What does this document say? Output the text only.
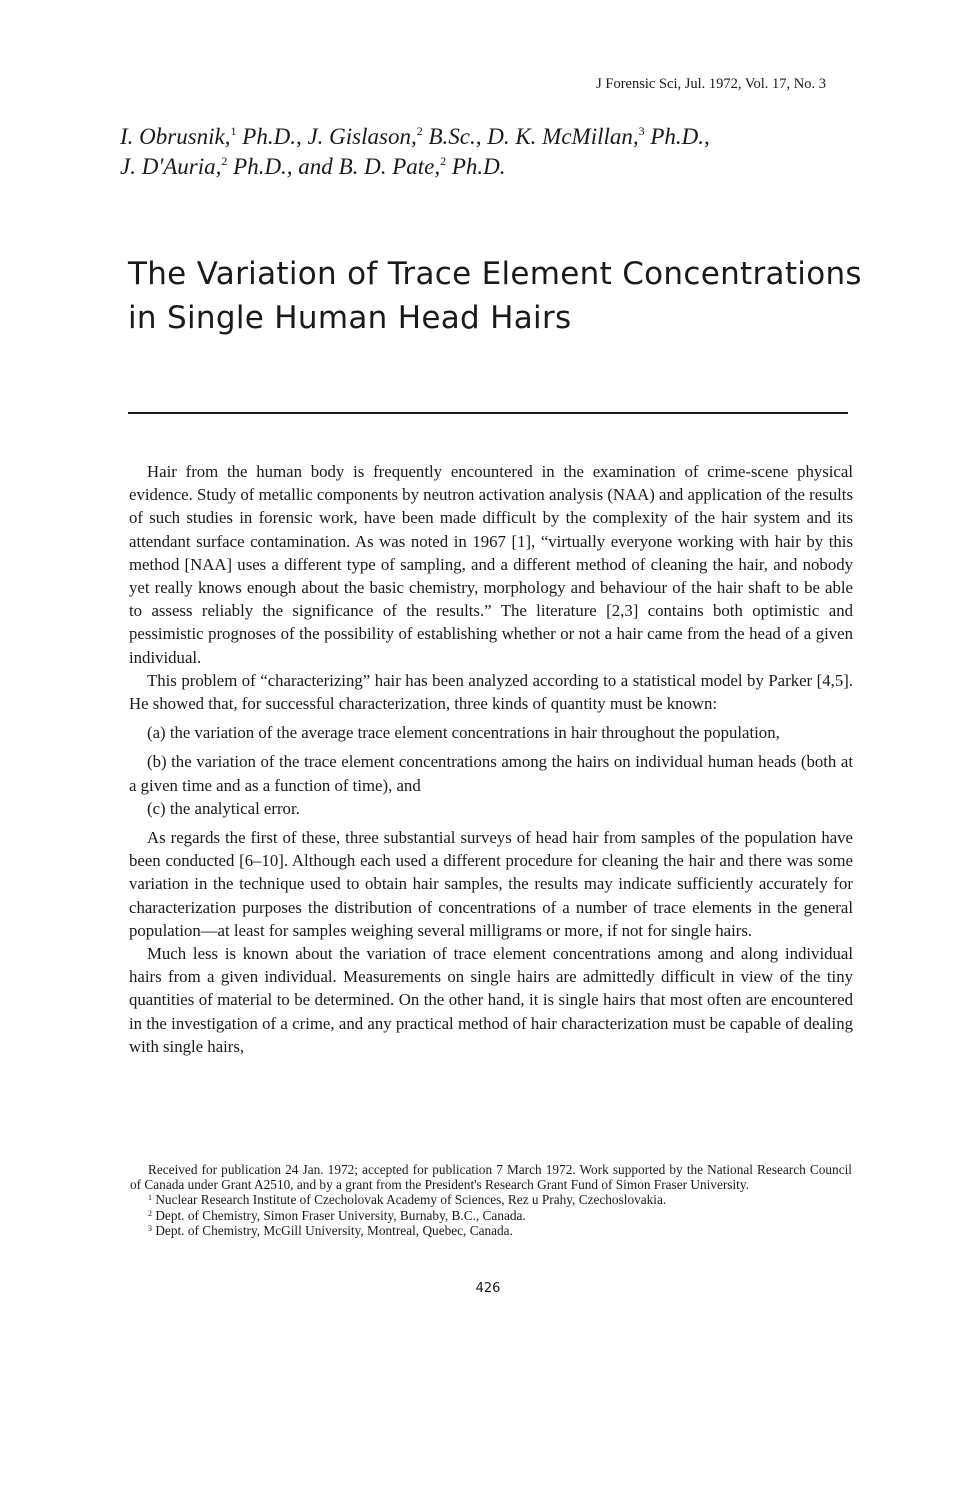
J Forensic Sci, Jul. 1972, Vol. 17, No. 3
I. Obrusnik,$^1$ Ph.D., J. Gislason,$^2$ B.Sc., D. K. McMillan,$^3$ Ph.D.,
J. D'Auria,$^2$ Ph.D., and B. D. Pate,$^2$ Ph.D.
The Variation of Trace Element Concentrations
in Single Human Head Hairs

Hair from the human body is frequently encountered in the examination of crime-scene physical evidence. Study of metallic components by neutron activation analysis (NAA) and application of the results of such studies in forensic work, have been made difficult by the complexity of the hair system and its attendant surface contamination. As was noted in 1967 [1], “virtually everyone working with hair by this method [NAA] uses a different type of sampling, and a different method of cleaning the hair, and nobody yet really knows enough about the basic chemistry, morphology and behaviour of the hair shaft to be able to assess reliably the significance of the results.” The literature [2,3] contains both optimistic and pessimistic prognoses of the possibility of establishing whether or not a hair came from the head of a given individual.

This problem of “characterizing” hair has been analyzed according to a statistical model by Parker [4,5]. He showed that, for successful characterization, three kinds of quantity must be known:

(a) the variation of the average trace element concentrations in hair throughout the population,

(b) the variation of the trace element concentrations among the hairs on individual human heads (both at a given time and as a function of time), and

(c) the analytical error.

As regards the first of these, three substantial surveys of head hair from samples of the population have been conducted [6–10]. Although each used a different procedure for cleaning the hair and there was some variation in the technique used to obtain hair samples, the results may indicate sufficiently accurately for characterization purposes the distribution of concentrations of a number of trace elements in the general population—at least for samples weighing several milligrams or more, if not for single hairs.

Much less is known about the variation of trace element concentrations among and along individual hairs from a given individual. Measurements on single hairs are admittedly difficult in view of the tiny quantities of material to be determined. On the other hand, it is single hairs that most often are encountered in the investigation of a crime, and any practical method of hair characterization must be capable of dealing with single hairs,

Received for publication 24 Jan. 1972; accepted for publication 7 March 1972. Work supported by the National Research Council of Canada under Grant A2510, and by a grant from the President's Research Grant Fund of Simon Fraser University.

$^1$ Nuclear Research Institute of Czecholovak Academy of Sciences, Rez u Prahy, Czechoslovakia.

$^2$ Dept. of Chemistry, Simon Fraser University, Burnaby, B.C., Canada.

$^3$ Dept. of Chemistry, McGill University, Montreal, Quebec, Canada.

426
